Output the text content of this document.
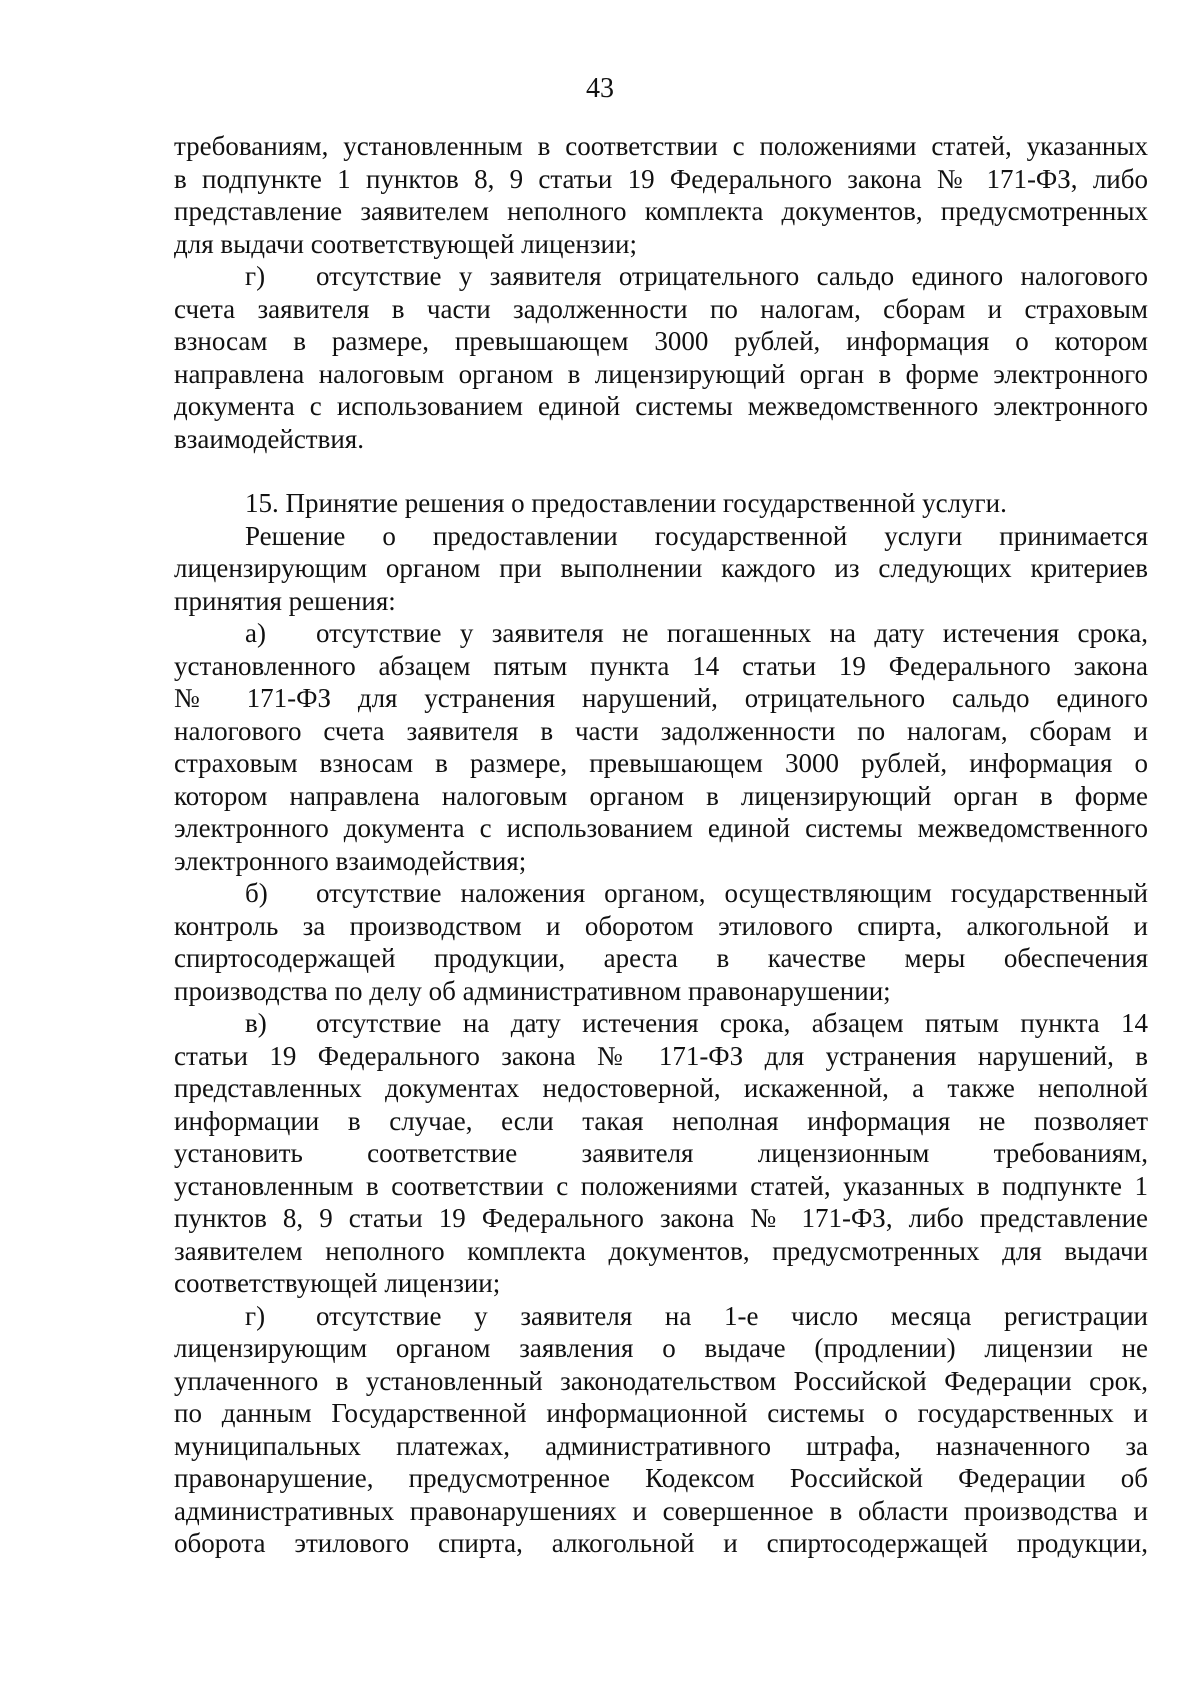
43
требованиям, установленным в соответствии с положениями статей, указанных
в подпункте 1 пунктов 8, 9 статьи 19 Федерального закона № 171-ФЗ, либо
представление заявителем неполного комплекта документов, предусмотренных
для выдачи соответствующей лицензии;
г) отсутствие у заявителя отрицательного сальдо единого налогового
счета заявителя в части задолженности по налогам, сборам и страховым
взносам в размере, превышающем 3000 рублей, информация о котором
направлена налоговым органом в лицензирующий орган в форме электронного
документа с использованием единой системы межведомственного электронного
взаимодействия.
15. Принятие решения о предоставлении государственной услуги.
Решение о предоставлении государственной услуги принимается
лицензирующим органом при выполнении каждого из следующих критериев
принятия решения:
а) отсутствие у заявителя не погашенных на дату истечения срока,
установленного абзацем пятым пункта 14 статьи 19 Федерального закона
№ 171-ФЗ для устранения нарушений, отрицательного сальдо единого
налогового счета заявителя в части задолженности по налогам, сборам и
страховым взносам в размере, превышающем 3000 рублей, информация о
котором направлена налоговым органом в лицензирующий орган в форме
электронного документа с использованием единой системы межведомственного
электронного взаимодействия;
б) отсутствие наложения органом, осуществляющим государственный
контроль за производством и оборотом этилового спирта, алкогольной и
спиртосодержащей продукции, ареста в качестве меры обеспечения
производства по делу об административном правонарушении;
в) отсутствие на дату истечения срока, абзацем пятым пункта 14
статьи 19 Федерального закона № 171-ФЗ для устранения нарушений, в
представленных документах недостоверной, искаженной, а также неполной
информации в случае, если такая неполная информация не позволяет
установить соответствие заявителя лицензионным требованиям,
установленным в соответствии с положениями статей, указанных в подпункте 1
пунктов 8, 9 статьи 19 Федерального закона № 171-ФЗ, либо представление
заявителем неполного комплекта документов, предусмотренных для выдачи
соответствующей лицензии;
г) отсутствие у заявителя на 1-е число месяца регистрации
лицензирующим органом заявления о выдаче (продлении) лицензии не
уплаченного в установленный законодательством Российской Федерации срок,
по данным Государственной информационной системы о государственных и
муниципальных платежах, административного штрафа, назначенного за
правонарушение, предусмотренное Кодексом Российской Федерации об
административных правонарушениях и совершенное в области производства и
оборота этилового спирта, алкогольной и спиртосодержащей продукции,
